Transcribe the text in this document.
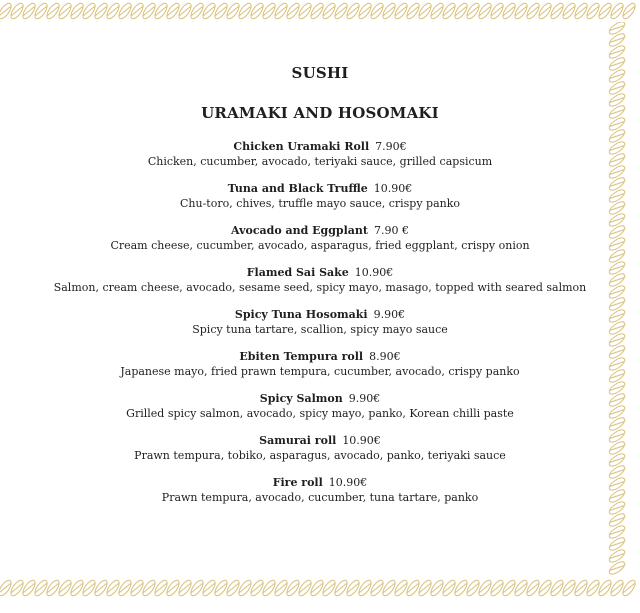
SUSHI
URAMAKI AND HOSOMAKI
Chicken Uramaki Roll 7.90€
Chicken, cucumber, avocado, teriyaki sauce, grilled capsicum
Tuna and Black Truffle 10.90€
Chu-toro, chives, truffle mayo sauce, crispy panko
Avocado and Eggplant 7.90 €
Cream cheese, cucumber, avocado, asparagus, fried eggplant, crispy onion
Flamed Sai Sake 10.90€
Salmon, cream cheese, avocado, sesame seed, spicy mayo, masago, topped with seared salmon
Spicy Tuna Hosomaki 9.90€
Spicy tuna tartare, scallion, spicy mayo sauce
Ebiten Tempura roll 8.90€
Japanese mayo, fried prawn tempura, cucumber, avocado, crispy panko
Spicy Salmon 9.90€
Grilled spicy salmon, avocado, spicy mayo, panko, Korean chilli paste
Samurai roll 10.90€
Prawn tempura, tobiko, asparagus, avocado, panko, teriyaki sauce
Fire roll 10.90€
Prawn tempura, avocado, cucumber, tuna tartare, panko
